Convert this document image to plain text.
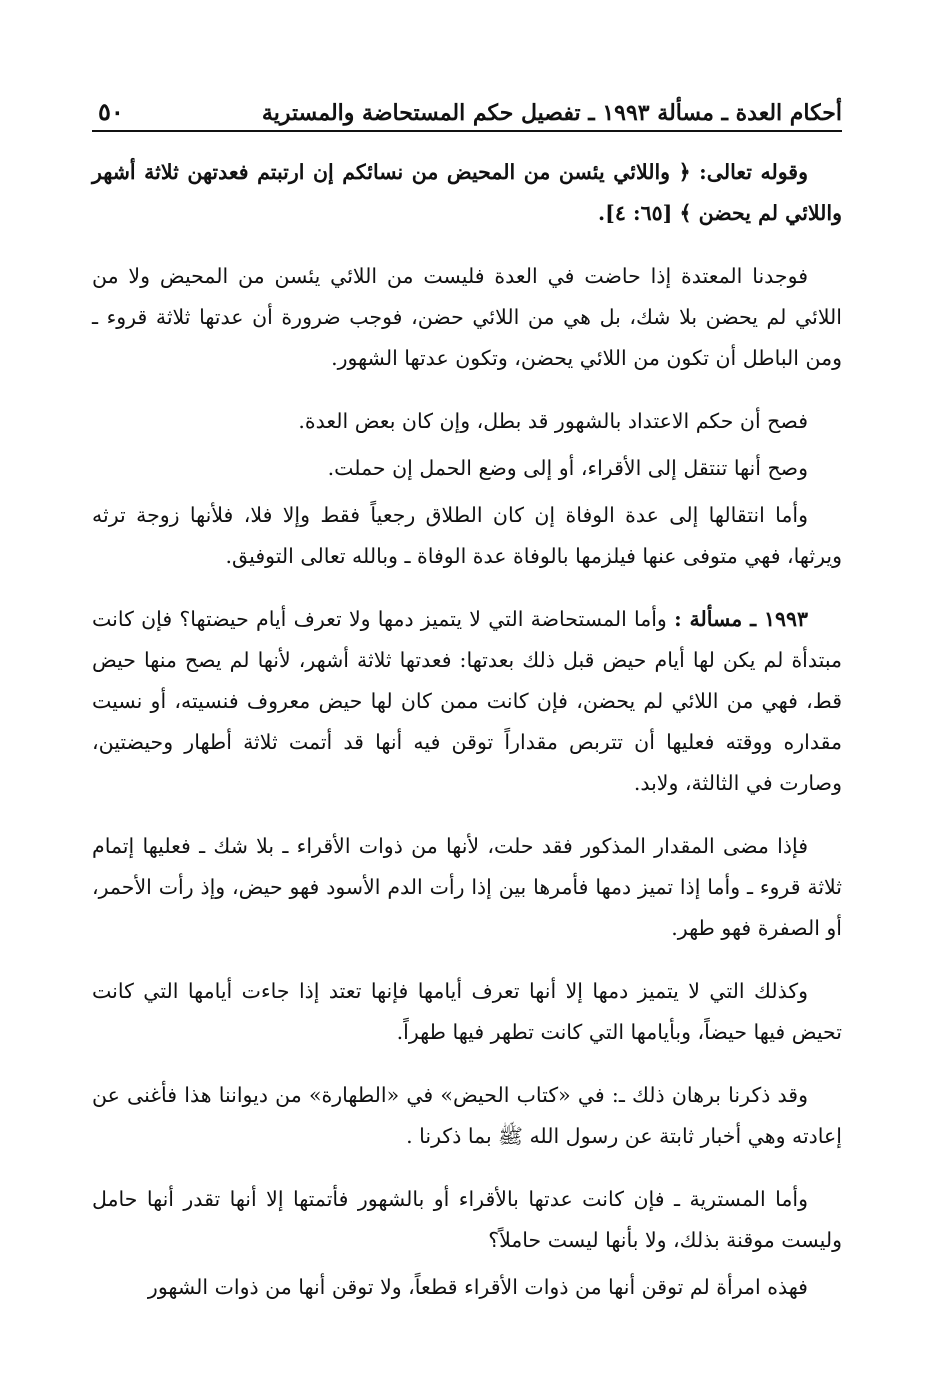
أحكام العدة ـ مسألة ١٩٩٣ ـ تفصيل حكم المستحاضة والمسترية
٥٠

وقوله تعالى: ﴿ واللائي يئسن من المحيض من نسائكم إن ارتبتم فعدتهن ثلاثة أشهر واللائي لم يحضن ﴾ [٦٥: ٤].

فوجدنا المعتدة إذا حاضت في العدة فليست من اللائي يئسن من المحيض ولا من اللائي لم يحضن بلا شك، بل هي من اللائي حضن، فوجب ضرورة أن عدتها ثلاثة قروء ـ ومن الباطل أن تكون من اللائي يحضن، وتكون عدتها الشهور.

فصح أن حكم الاعتداد بالشهور قد بطل، وإن كان بعض العدة.

وصح أنها تنتقل إلى الأقراء، أو إلى وضع الحمل إن حملت.

وأما انتقالها إلى عدة الوفاة إن كان الطلاق رجعياً فقط وإلا فلا، فلأنها زوجة ترثه ويرثها، فهي متوفى عنها فيلزمها بالوفاة عدة الوفاة ـ وبالله تعالى التوفيق.

١٩٩٣ ـ مسألة : وأما المستحاضة التي لا يتميز دمها ولا تعرف أيام حيضتها؟ فإن كانت مبتدأة لم يكن لها أيام حيض قبل ذلك بعدتها: فعدتها ثلاثة أشهر، لأنها لم يصح منها حيض قط، فهي من اللائي لم يحضن، فإن كانت ممن كان لها حيض معروف فنسيته، أو نسيت مقداره ووقته فعليها أن تتربص مقداراً توقن فيه أنها قد أتمت ثلاثة أطهار وحيضتين، وصارت في الثالثة، ولابد.

فإذا مضى المقدار المذكور فقد حلت، لأنها من ذوات الأقراء ـ بلا شك ـ فعليها إتمام ثلاثة قروء ـ وأما إذا تميز دمها فأمرها بين إذا رأت الدم الأسود فهو حيض، وإذ رأت الأحمر، أو الصفرة فهو طهر.

وكذلك التي لا يتميز دمها إلا أنها تعرف أيامها فإنها تعتد إذا جاءت أيامها التي كانت تحيض فيها حيضاً، وبأيامها التي كانت تطهر فيها طهراً.

وقد ذكرنا برهان ذلك ـ: في «كتاب الحيض» في «الطهارة» من ديواننا هذا فأغنى عن إعادته وهي أخبار ثابتة عن رسول الله ﷺ بما ذكرنا .

وأما المسترية ـ فإن كانت عدتها بالأقراء أو بالشهور فأتمتها إلا أنها تقدر أنها حامل وليست موقنة بذلك، ولا بأنها ليست حاملاً؟

فهذه امرأة لم توقن أنها من ذوات الأقراء قطعاً، ولا توقن أنها من ذوات الشهور
